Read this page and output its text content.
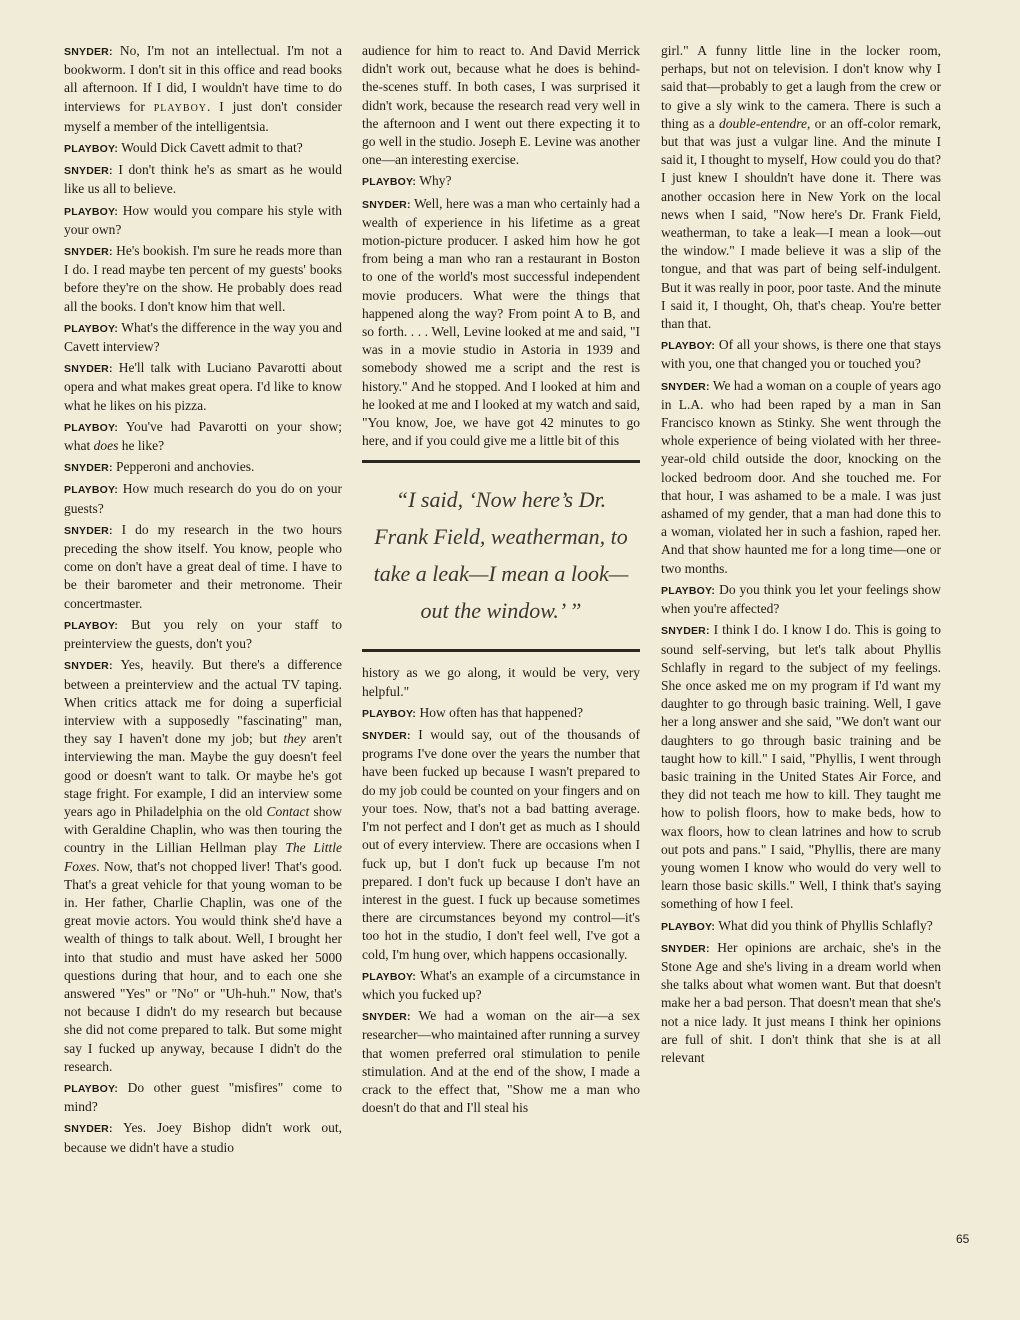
SNYDER: No, I'm not an intellectual. I'm not a bookworm. I don't sit in this office and read books all afternoon. If I did, I wouldn't have time to do interviews for PLAYBOY. I just don't consider myself a member of the intelligentsia.

PLAYBOY: Would Dick Cavett admit to that?

SNYDER: I don't think he's as smart as he would like us all to believe.

PLAYBOY: How would you compare his style with your own?

SNYDER: He's bookish. I'm sure he reads more than I do. I read maybe ten percent of my guests' books before they're on the show. He probably does read all the books. I don't know him that well.

PLAYBOY: What's the difference in the way you and Cavett interview?

SNYDER: He'll talk with Luciano Pavarotti about opera and what makes great opera. I'd like to know what he likes on his pizza.

PLAYBOY: You've had Pavarotti on your show; what does he like?

SNYDER: Pepperoni and anchovies.

PLAYBOY: How much research do you do on your guests?

SNYDER: I do my research in the two hours preceding the show itself. You know, people who come on don't have a great deal of time. I have to be their barometer and their metronome. Their concertmaster.

PLAYBOY: But you rely on your staff to preinterview the guests, don't you?

SNYDER: Yes, heavily. But there's a difference between a preinterview and the actual TV taping. When critics attack me for doing a superficial interview with a supposedly "fascinating" man, they say I haven't done my job; but they aren't interviewing the man. Maybe the guy doesn't feel good or doesn't want to talk. Or maybe he's got stage fright. For example, I did an interview some years ago in Philadelphia on the old Contact show with Geraldine Chaplin, who was then touring the country in the Lillian Hellman play The Little Foxes. Now, that's not chopped liver! That's good. That's a great vehicle for that young woman to be in. Her father, Charlie Chaplin, was one of the great movie actors. You would think she'd have a wealth of things to talk about. Well, I brought her into that studio and must have asked her 5000 questions during that hour, and to each one she answered "Yes" or "No" or "Uh-huh." Now, that's not because I didn't do my research but because she did not come prepared to talk. But some might say I fucked up anyway, because I didn't do the research.

PLAYBOY: Do other guest "misfires" come to mind?

SNYDER: Yes. Joey Bishop didn't work out, because we didn't have a studio

audience for him to react to. And David Merrick didn't work out, because what he does is behind-the-scenes stuff. In both cases, I was surprised it didn't work, because the research read very well in the afternoon and I went out there expecting it to go well in the studio. Joseph E. Levine was another one—an interesting exercise.

PLAYBOY: Why?

SNYDER: Well, here was a man who certainly had a wealth of experience in his lifetime as a great motion-picture producer. I asked him how he got from being a man who ran a restaurant in Boston to one of the world's most successful independent movie producers. What were the things that happened along the way? From point A to B, and so forth. . . . Well, Levine looked at me and said, "I was in a movie studio in Astoria in 1939 and somebody showed me a script and the rest is history." And he stopped. And I looked at him and he looked at me and I looked at my watch and said, "You know, Joe, we have got 42 minutes to go here, and if you could give me a little bit of this

“I said, ‘Now here’s Dr. Frank Field, weatherman, to take a leak—I mean a look—out the window.’ ”

history as we go along, it would be very, very helpful."

PLAYBOY: How often has that happened?

SNYDER: I would say, out of the thousands of programs I've done over the years the number that have been fucked up because I wasn't prepared to do my job could be counted on your fingers and on your toes. Now, that's not a bad batting average. I'm not perfect and I don't get as much as I should out of every interview. There are occasions when I fuck up, but I don't fuck up because I'm not prepared. I don't fuck up because I don't have an interest in the guest. I fuck up because sometimes there are circumstances beyond my control—it's too hot in the studio, I don't feel well, I've got a cold, I'm hung over, which happens occasionally.

PLAYBOY: What's an example of a circumstance in which you fucked up?

SNYDER: We had a woman on the air—a sex researcher—who maintained after running a survey that women preferred oral stimulation to penile stimulation. And at the end of the show, I made a crack to the effect that, "Show me a man who doesn't do that and I'll steal his

girl." A funny little line in the locker room, perhaps, but not on television. I don't know why I said that—probably to get a laugh from the crew or to give a sly wink to the camera. There is such a thing as a double-entendre, or an off-color remark, but that was just a vulgar line. And the minute I said it, I thought to myself, How could you do that? I just knew I shouldn't have done it. There was another occasion here in New York on the local news when I said, "Now here's Dr. Frank Field, weatherman, to take a leak—I mean a look—out the window." I made believe it was a slip of the tongue, and that was part of being self-indulgent. But it was really in poor, poor taste. And the minute I said it, I thought, Oh, that's cheap. You're better than that.

PLAYBOY: Of all your shows, is there one that stays with you, one that changed you or touched you?

SNYDER: We had a woman on a couple of years ago in L.A. who had been raped by a man in San Francisco known as Stinky. She went through the whole experience of being violated with her three-year-old child outside the door, knocking on the locked bedroom door. And she touched me. For that hour, I was ashamed to be a male. I was just ashamed of my gender, that a man had done this to a woman, violated her in such a fashion, raped her. And that show haunted me for a long time—one or two months.

PLAYBOY: Do you think you let your feelings show when you're affected?

SNYDER: I think I do. I know I do. This is going to sound self-serving, but let's talk about Phyllis Schlafly in regard to the subject of my feelings. She once asked me on my program if I'd want my daughter to go through basic training. Well, I gave her a long answer and she said, "We don't want our daughters to go through basic training and be taught how to kill." I said, "Phyllis, I went through basic training in the United States Air Force, and they did not teach me how to kill. They taught me how to polish floors, how to make beds, how to wax floors, how to clean latrines and how to scrub out pots and pans." I said, "Phyllis, there are many young women I know who would do very well to learn those basic skills." Well, I think that's saying something of how I feel.

PLAYBOY: What did you think of Phyllis Schlafly?

SNYDER: Her opinions are archaic, she's in the Stone Age and she's living in a dream world when she talks about what women want. But that doesn't make her a bad person. That doesn't mean that she's not a nice lady. It just means I think her opinions are full of shit. I don't think that she is at all relevant

65
